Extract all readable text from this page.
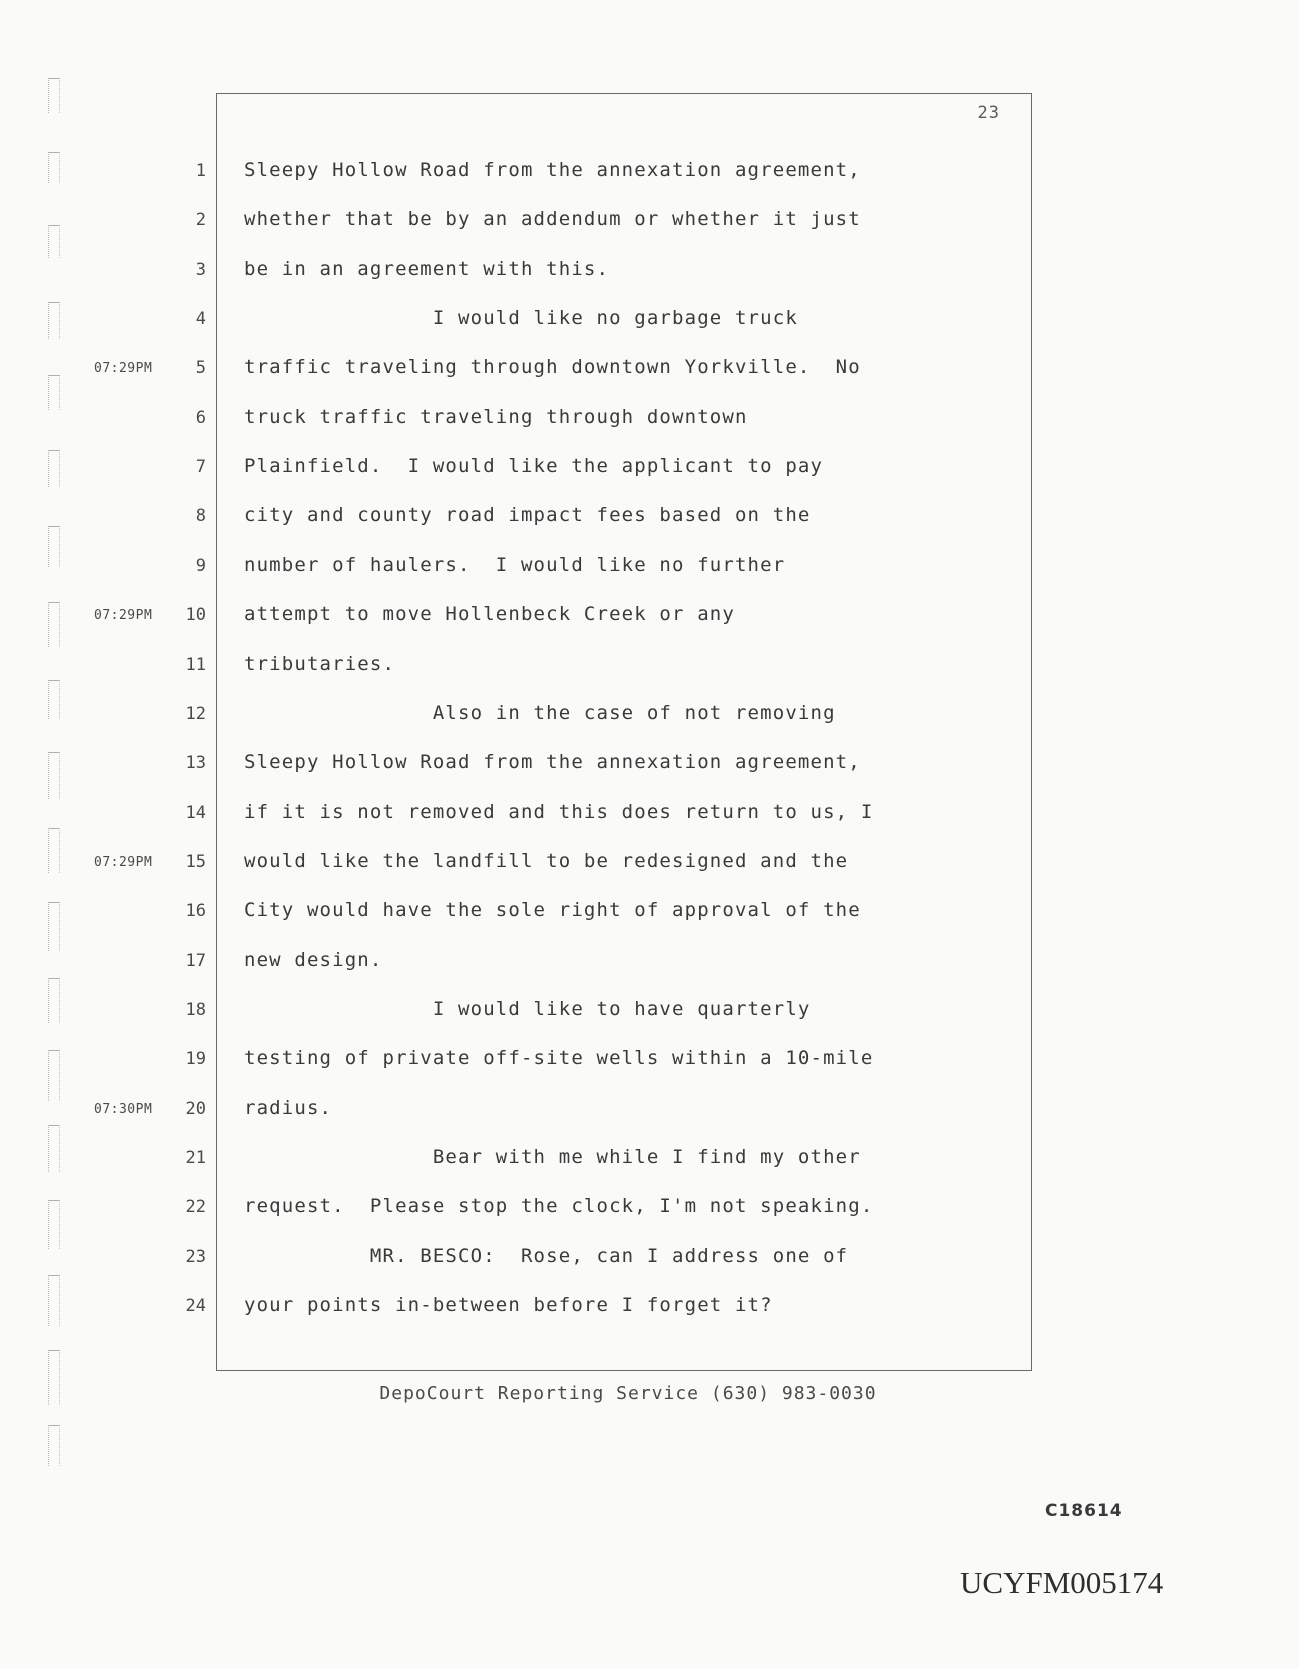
23
1 Sleepy Hollow Road from the annexation agreement,
2 whether that be by an addendum or whether it just
3 be in an agreement with this.
4 I would like no garbage truck
07:29PM	5 traffic traveling through downtown Yorkville.  No
6 truck traffic traveling through downtown
7 Plainfield.  I would like the applicant to pay
8 city and county road impact fees based on the
9 number of haulers.  I would like no further
07:29PM	10 attempt to move Hollenbeck Creek or any
11 tributaries.
12 Also in the case of not removing
13 Sleepy Hollow Road from the annexation agreement,
14 if it is not removed and this does return to us, I
07:29PM	15 would like the landfill to be redesigned and the
16 City would have the sole right of approval of the
17 new design.
18 I would like to have quarterly
19 testing of private off-site wells within a 10-mile
07:30PM	20 radius.
21 Bear with me while I find my other
22 request.  Please stop the clock, I'm not speaking.
23 MR. BESCO:  Rose, can I address one of
24 your points in-between before I forget it?
DepoCourt Reporting Service (630) 983-0030
C18614
UCYFM005174
